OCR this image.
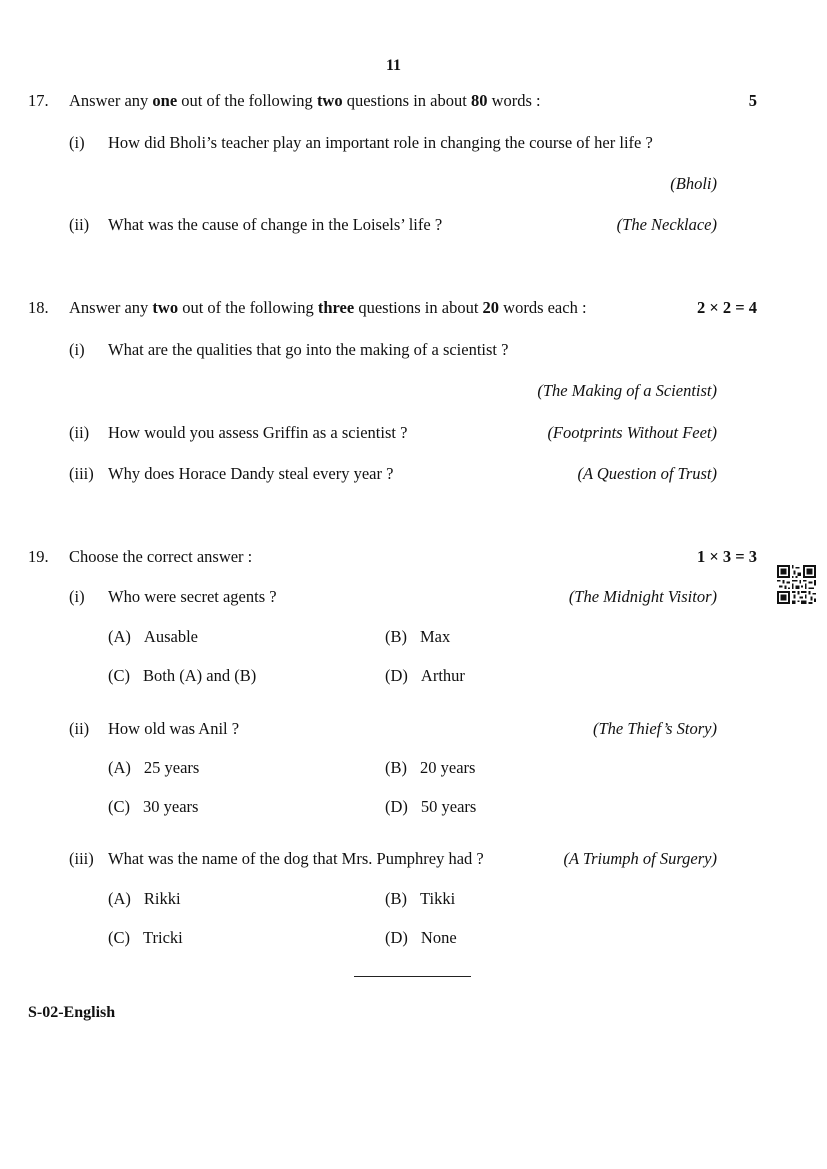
11
17. Answer any one out of the following two questions in about 80 words :	5
(i) How did Bholi’s teacher play an important role in changing the course of her life ?
(Bholi)
(ii) What was the cause of change in the Loisels’ life ?	(The Necklace)
18. Answer any two out of the following three questions in about 20 words each :	2 × 2 = 4
(i) What are the qualities that go into the making of a scientist ?
(The Making of a Scientist)
(ii) How would you assess Griffin as a scientist ?	(Footprints Without Feet)
(iii) Why does Horace Dandy steal every year ?	(A Question of Trust)
19. Choose the correct answer :	1 × 3 = 3
(i) Who were secret agents ?	(The Midnight Visitor)
(A) Ausable	(B) Max
(C) Both (A) and (B)	(D) Arthur
(ii) How old was Anil ?	(The Thief’s Story)
(A) 25 years	(B) 20 years
(C) 30 years	(D) 50 years
(iii) What was the name of the dog that Mrs. Pumphrey had ?	(A Triumph of Surgery)
(A) Rikki	(B) Tikki
(C) Tricki	(D) None
S-02-English
